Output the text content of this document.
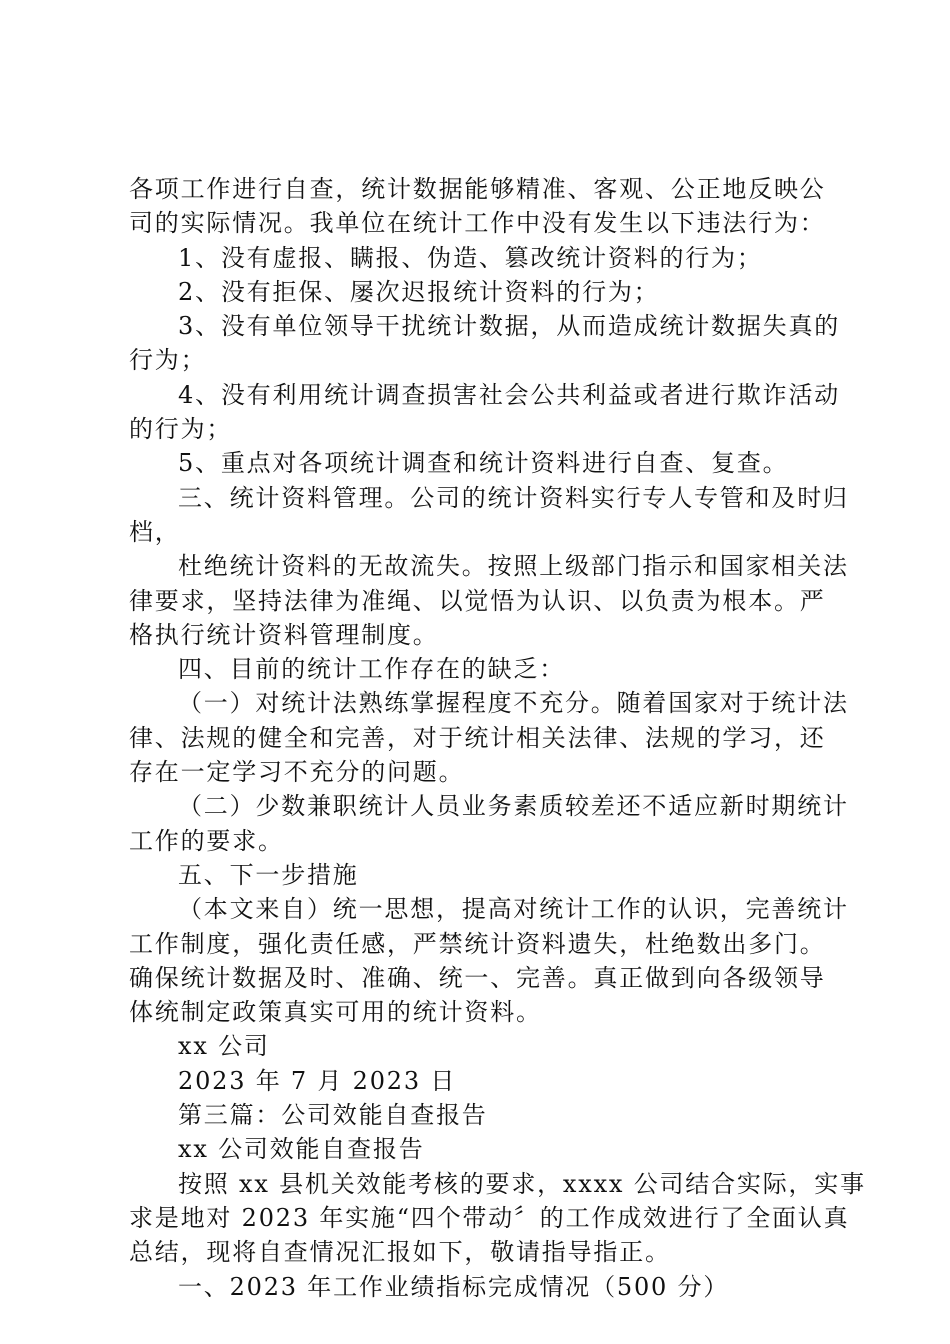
各项工作进行自查，统计数据能够精准、客观、公正地反映公
司的实际情况。我单位在统计工作中没有发生以下违法行为：
1、没有虚报、瞒报、伪造、篡改统计资料的行为；
2、没有拒保、屡次迟报统计资料的行为；
3、没有单位领导干扰统计数据，从而造成统计数据失真的
行为；
4、没有利用统计调查损害社会公共利益或者进行欺诈活动
的行为；
5、重点对各项统计调查和统计资料进行自查、复查。
三、统计资料管理。公司的统计资料实行专人专管和及时归
档，
杜绝统计资料的无故流失。按照上级部门指示和国家相关法
律要求，坚持法律为准绳、以觉悟为认识、以负责为根本。严
格执行统计资料管理制度。
四、目前的统计工作存在的缺乏：
（一）对统计法熟练掌握程度不充分。随着国家对于统计法
律、法规的健全和完善，对于统计相关法律、法规的学习，还
存在一定学习不充分的问题。
（二）少数兼职统计人员业务素质较差还不适应新时期统计
工作的要求。
五、下一步措施
（本文来自）统一思想，提高对统计工作的认识，完善统计
工作制度，强化责任感，严禁统计资料遗失，杜绝数出多门。
确保统计数据及时、准确、统一、完善。真正做到向各级领导
体统制定政策真实可用的统计资料。
xx 公司
2023 年 7 月 2023 日
第三篇：公司效能自查报告
xx 公司效能自查报告
按照 xx 县机关效能考核的要求，xxxx 公司结合实际，实事
求是地对 2023 年实施“四个带动〞的工作成效进行了全面认真
总结，现将自查情况汇报如下，敬请指导指正。
一、2023 年工作业绩指标完成情况（500 分）
